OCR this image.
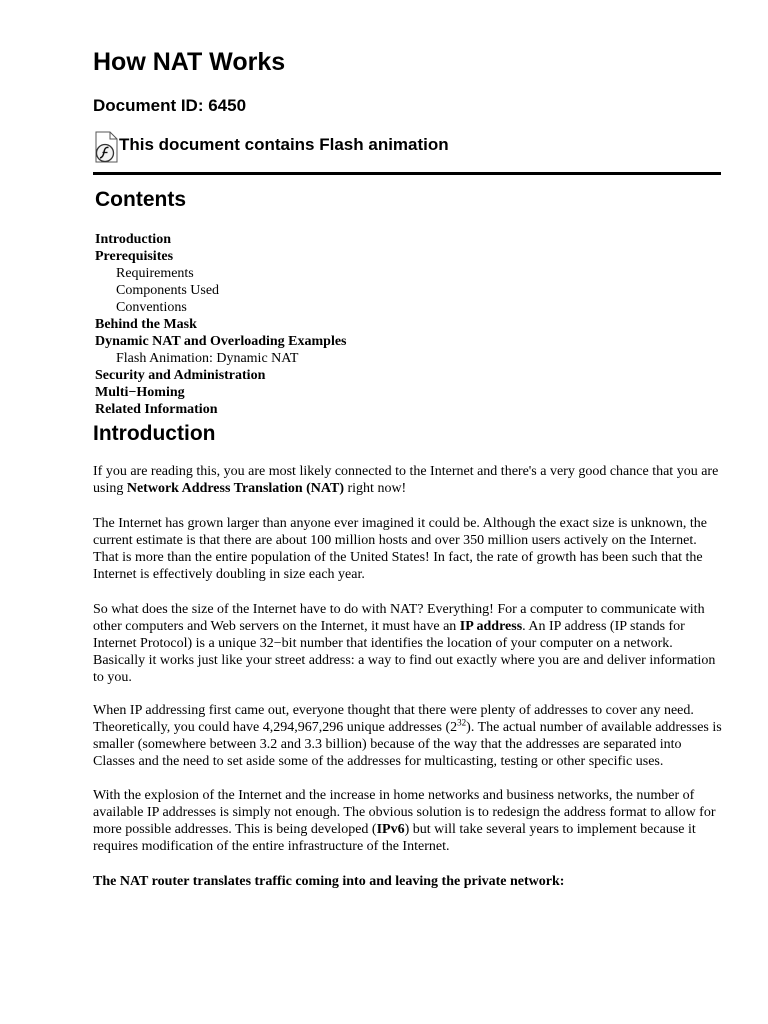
How NAT Works
Document ID: 6450
This document contains Flash animation
Contents
Introduction
Prerequisites
Requirements
Components Used
Conventions
Behind the Mask
Dynamic NAT and Overloading Examples
Flash Animation: Dynamic NAT
Security and Administration
Multi−Homing
Related Information
Introduction

If you are reading this, you are most likely connected to the Internet and there's a very good chance that you are using Network Address Translation (NAT) right now!

The Internet has grown larger than anyone ever imagined it could be. Although the exact size is unknown, the current estimate is that there are about 100 million hosts and over 350 million users actively on the Internet. That is more than the entire population of the United States! In fact, the rate of growth has been such that the Internet is effectively doubling in size each year.

So what does the size of the Internet have to do with NAT? Everything! For a computer to communicate with other computers and Web servers on the Internet, it must have an IP address. An IP address (IP stands for Internet Protocol) is a unique 32−bit number that identifies the location of your computer on a network. Basically it works just like your street address: a way to find out exactly where you are and deliver information to you.

When IP addressing first came out, everyone thought that there were plenty of addresses to cover any need. Theoretically, you could have 4,294,967,296 unique addresses $(2^{32})$. The actual number of available addresses is smaller (somewhere between 3.2 and 3.3 billion) because of the way that the addresses are separated into Classes and the need to set aside some of the addresses for multicasting, testing or other specific uses.

With the explosion of the Internet and the increase in home networks and business networks, the number of available IP addresses is simply not enough. The obvious solution is to redesign the address format to allow for more possible addresses. This is being developed (IPv6) but will take several years to implement because it requires modification of the entire infrastructure of the Internet.

The NAT router translates traffic coming into and leaving the private network:
